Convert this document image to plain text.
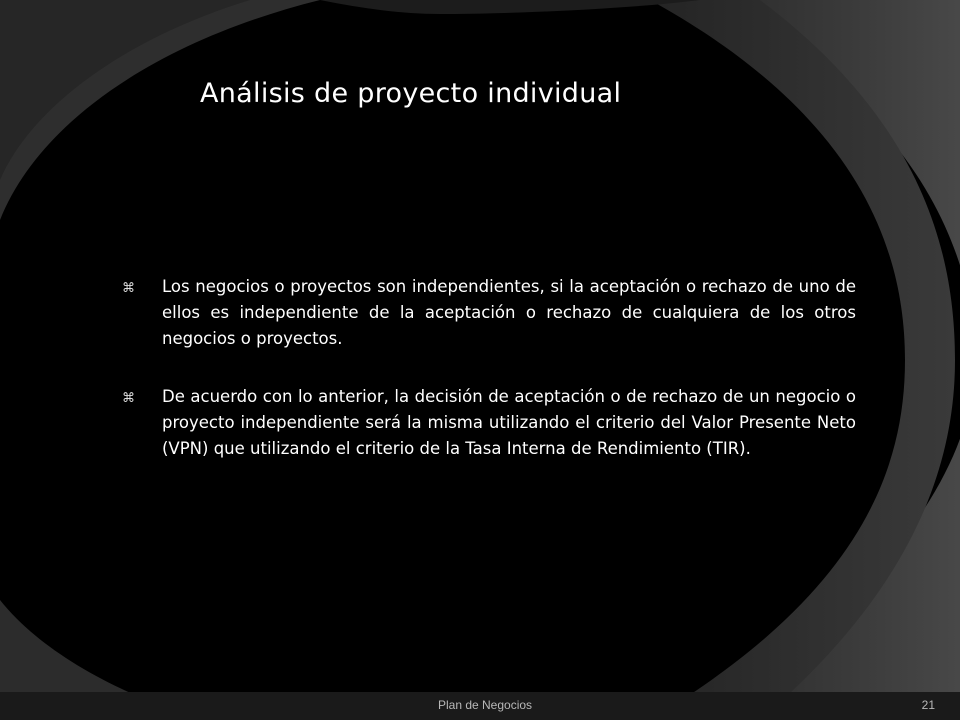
Análisis de proyecto individual
⌘ Los negocios o proyectos son independientes, si la aceptación o rechazo de uno de ellos es independiente de la aceptación o rechazo de cualquiera de los otros negocios o proyectos.
⌘ De acuerdo con lo anterior, la decisión de aceptación o de rechazo de un negocio o proyecto independiente será la misma utilizando el criterio del Valor Presente Neto (VPN) que utilizando el criterio de la Tasa Interna de Rendimiento (TIR).
Plan de Negocios	21
